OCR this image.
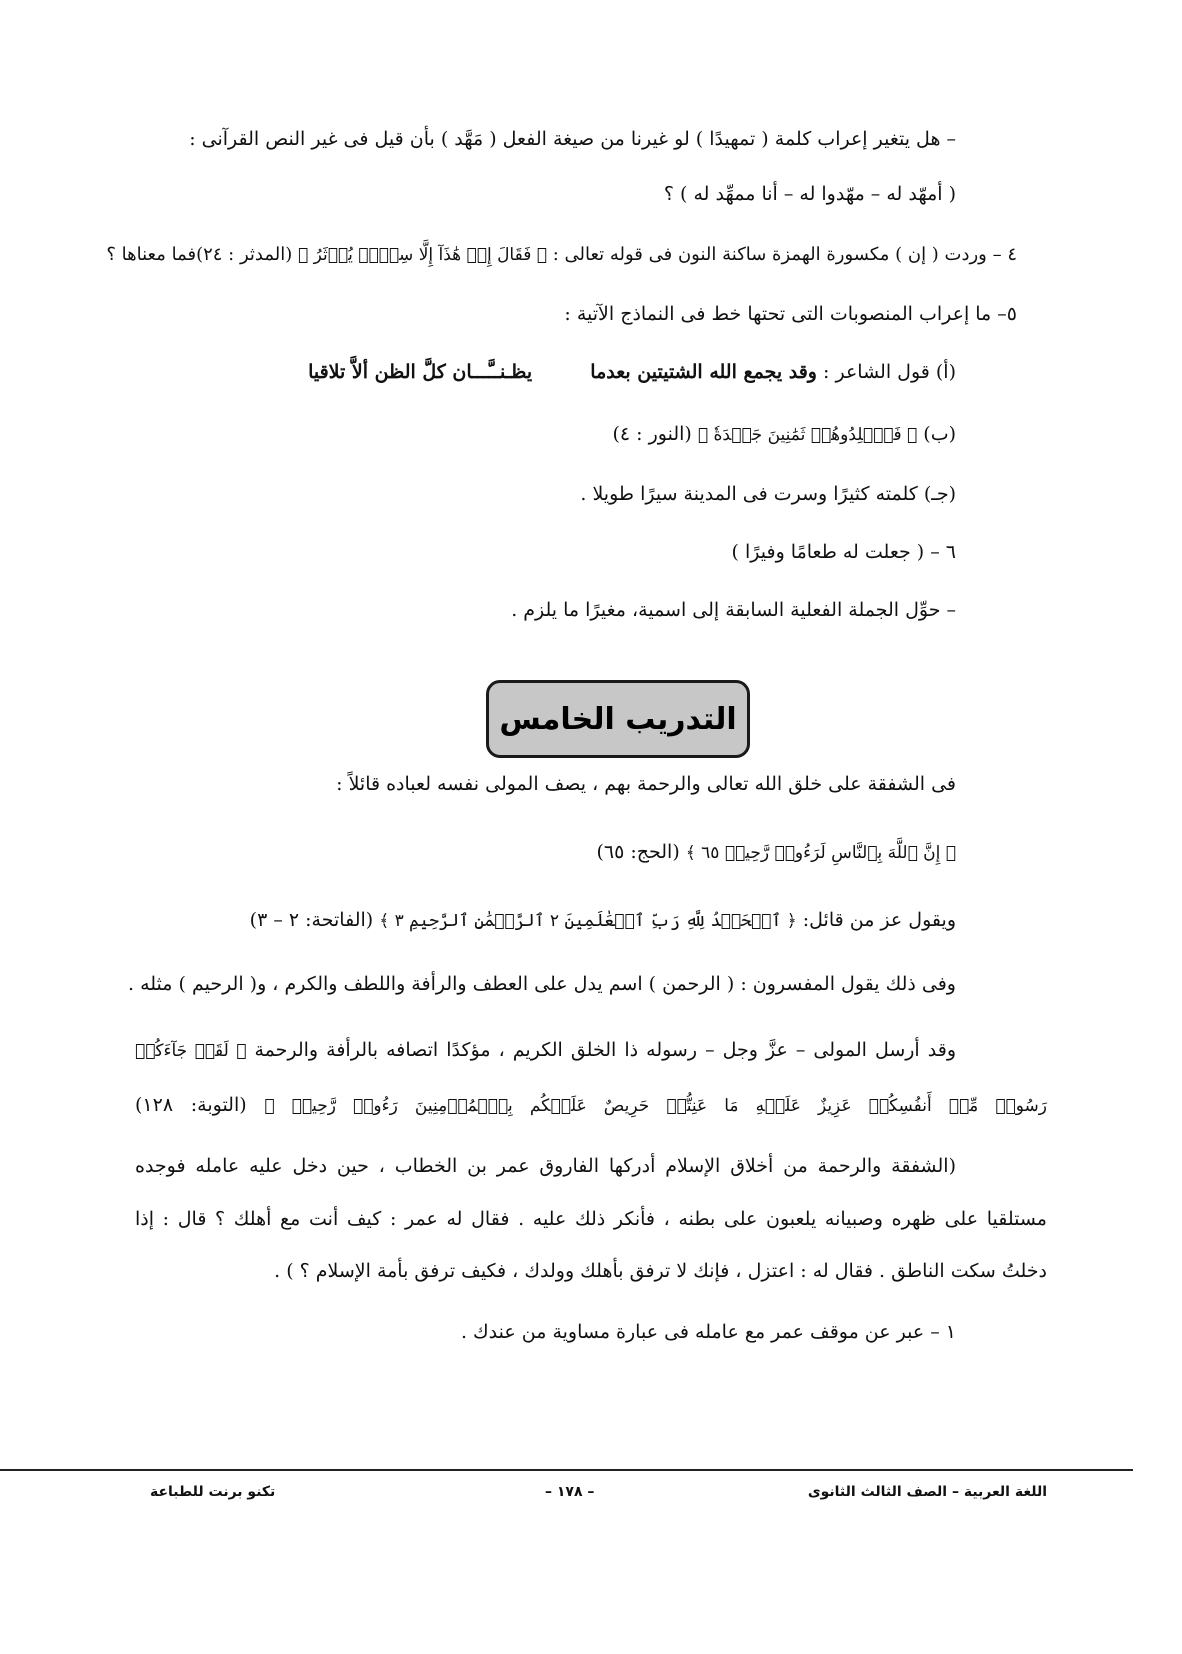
– هل يتغير إعراب كلمة ( تمهيدًا ) لو غيرنا من صيغة الفعل ( مَهَّد ) بأن قيل فى غير النص القرآنى :
( أمهّد له – مهّدوا له – أنا ممهِّد له ) ؟
٤ – وردت ( إن ) مكسورة الهمزة ساكنة النون فى قوله تعالى : ﴿ فَقَالَ إِنۡ هَٰذَآ إِلَّا سِحۡرٞ يُؤۡثَرُ ﴾ (المدثر : ٢٤)فما معناها ؟
٥– ما إعراب المنصوبات التى تحتها خط فى النماذج الآتية :
(أ) قول الشاعر : وقد يجمع الله الشتيتين بعدما  يظـنــَّـــان كلَّ الظن ألاَّ تلاقيا
(ب) ﴿ فَٱجۡلِدُوهُمۡ ثَمَٰنِينَ جَلۡدَةٗ ﴾ (النور : ٤)
(جـ) كلمته كثيرًا وسرت فى المدينة سيرًا طويلا .
٦ – ( جعلت له طعامًا وفيرًا )
– حوِّل الجملة الفعلية السابقة إلى اسمية، مغيرًا ما يلزم .
التدريب الخامس
فى الشفقة على خلق الله تعالى والرحمة بهم ، يصف المولى نفسه لعباده قائلاً :
﴿ إِنَّ ٱللَّهَ بِٱلنَّاسِ لَرَءُوفٞ رَّحِيمٞ ٦٥ ﴾ (الحج: ٦٥)
ويقول عز من قائل: ﴿ ٱلۡحَمۡدُ لِلَّهِ رَبِّ ٱلۡعَٰلَمِينَ ٢ ٱلرَّحۡمَٰنِ ٱلرَّحِيمِ ٣ ﴾ (الفاتحة: ٢ – ٣)
وفى ذلك يقول المفسرون : ( الرحمن ) اسم يدل على العطف والرأفة واللطف والكرم ، و( الرحيم ) مثله .
وقد أرسل المولى – عزَّ وجل – رسوله ذا الخلق الكريم ، مؤكدًا اتصافه بالرأفة والرحمة ﴿ لَقَدۡ جَآءَكُمۡ
رَسُولٞ مِّنۡ أَنفُسِكُمۡ عَزِيزٌ عَلَيۡهِ مَا عَنِتُّمۡ حَرِيصٌ عَلَيۡكُم بِٱلۡمُؤۡمِنِينَ رَءُوفٞ رَّحِيمٞ ﴾ (التوبة: ١٢٨)
(الشفقة والرحمة من أخلاق الإسلام أدركها الفاروق عمر بن الخطاب ، حين دخل عليه عامله فوجده
مستلقيا على ظهره وصبيانه يلعبون على بطنه ، فأنكر ذلك عليه . فقال له عمر : كيف أنت مع أهلك ؟ قال : إذا
دخلتُ سكت الناطق . فقال له : اعتزل ، فإنك لا ترفق بأهلك وولدك ، فكيف ترفق بأمة الإسلام ؟ ) .
١ – عبر عن موقف عمر مع عامله فى عبارة مساوية من عندك .
اللغة العربية – الصف الثالث الثانوى
– ١٧٨ –
تكنو برنت للطباعة
